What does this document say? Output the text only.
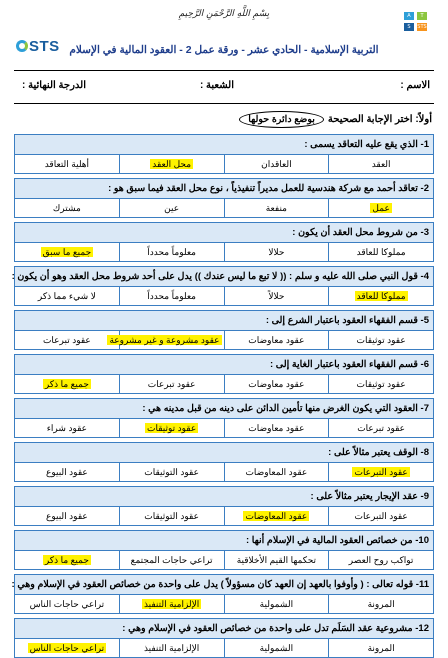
STS
بِسْمِ اللَّهِ الرَّحْمَنِ الرَّحِيمِ	A	T
S	STS
التربية الإسلامية - الحادي عشر - ورقة عمل 2 - العقود المالية في الإسلام
الاسم :
الشعبة :
الدرجة النهائية :
أولاً: اختر الإجابة الصحيحة
بوضع دائرة حولها
1- الذي يقع عليه التعاقد يسمى :			
العقد	العاقدان	محل العقد	أهلية التعاقد

2- تعاقد أحمد مع شركة هندسية للعمل مديراً تنفيذياً ، نوع محل العقد فيما سبق هو :			
عمل	منفعة	عين	مشترك

3- من شروط محل العقد أن يكون :			
مملوكا للعاقد	حلالا	معلوماً محدداً	جميع ما سبق

4- قول النبي صلى الله عليه و سلم : (( لا تبع ما ليس عندك )) يدل على أحد شروط محل العقد وهو أن يكون :			
مملوكا للعاقد	حلالاً	معلوماً محدداً	لا شيء مما ذكر

5- قسم الفقهاء العقود باعتبار الشرع إلى :			
عقود توثيقات	عقود معاوضات	عقود مشروعة و غير مشروعة	عقود تبرعات

6- قسم الفقهاء العقود باعتبار الغاية إلى :			
عقود توثيقات	عقود معاوضات	عقود تبرعات	جميع ما ذكر

7- العقود التي يكون الغرض منها تأمين الدائن على دينه من قبل مدينه هي :			
عقود تبرعات	عقود معاوضات	عقود توثيقات	عقود شراء

8- الوقف يعتبر مثالاً على :			
عقود التبرعات	عقود المعاوضات	عقود التوثيقات	عقود البيوع

9- عقد الإيجار يعتبر مثالاً على :			
عقود التبرعات	عقود المعاوضات	عقود التوثيقات	عقود البيوع

10- من خصائص العقود المالية في الإسلام أنها :			
تواكب روح العصر	تحكمها القيم الأخلاقية	تراعي حاجات المجتمع	جميع ما ذكر

11- قوله تعالى : ( وأوفوا بالعهد إن العهد كان مسؤولاً ) يدل على واحدة من خصائص العقود في الإسلام وهي :			
المرونة	الشمولية	الإلزامية التنفيذ	تراعي حاجات الناس

12- مشروعية عقد السَلَم تدل على واحدة من خصائص العقود في الإسلام وهي :			
المرونة	الشمولية	الإلزامية التنفيذ	تراعي حاجات الناس
